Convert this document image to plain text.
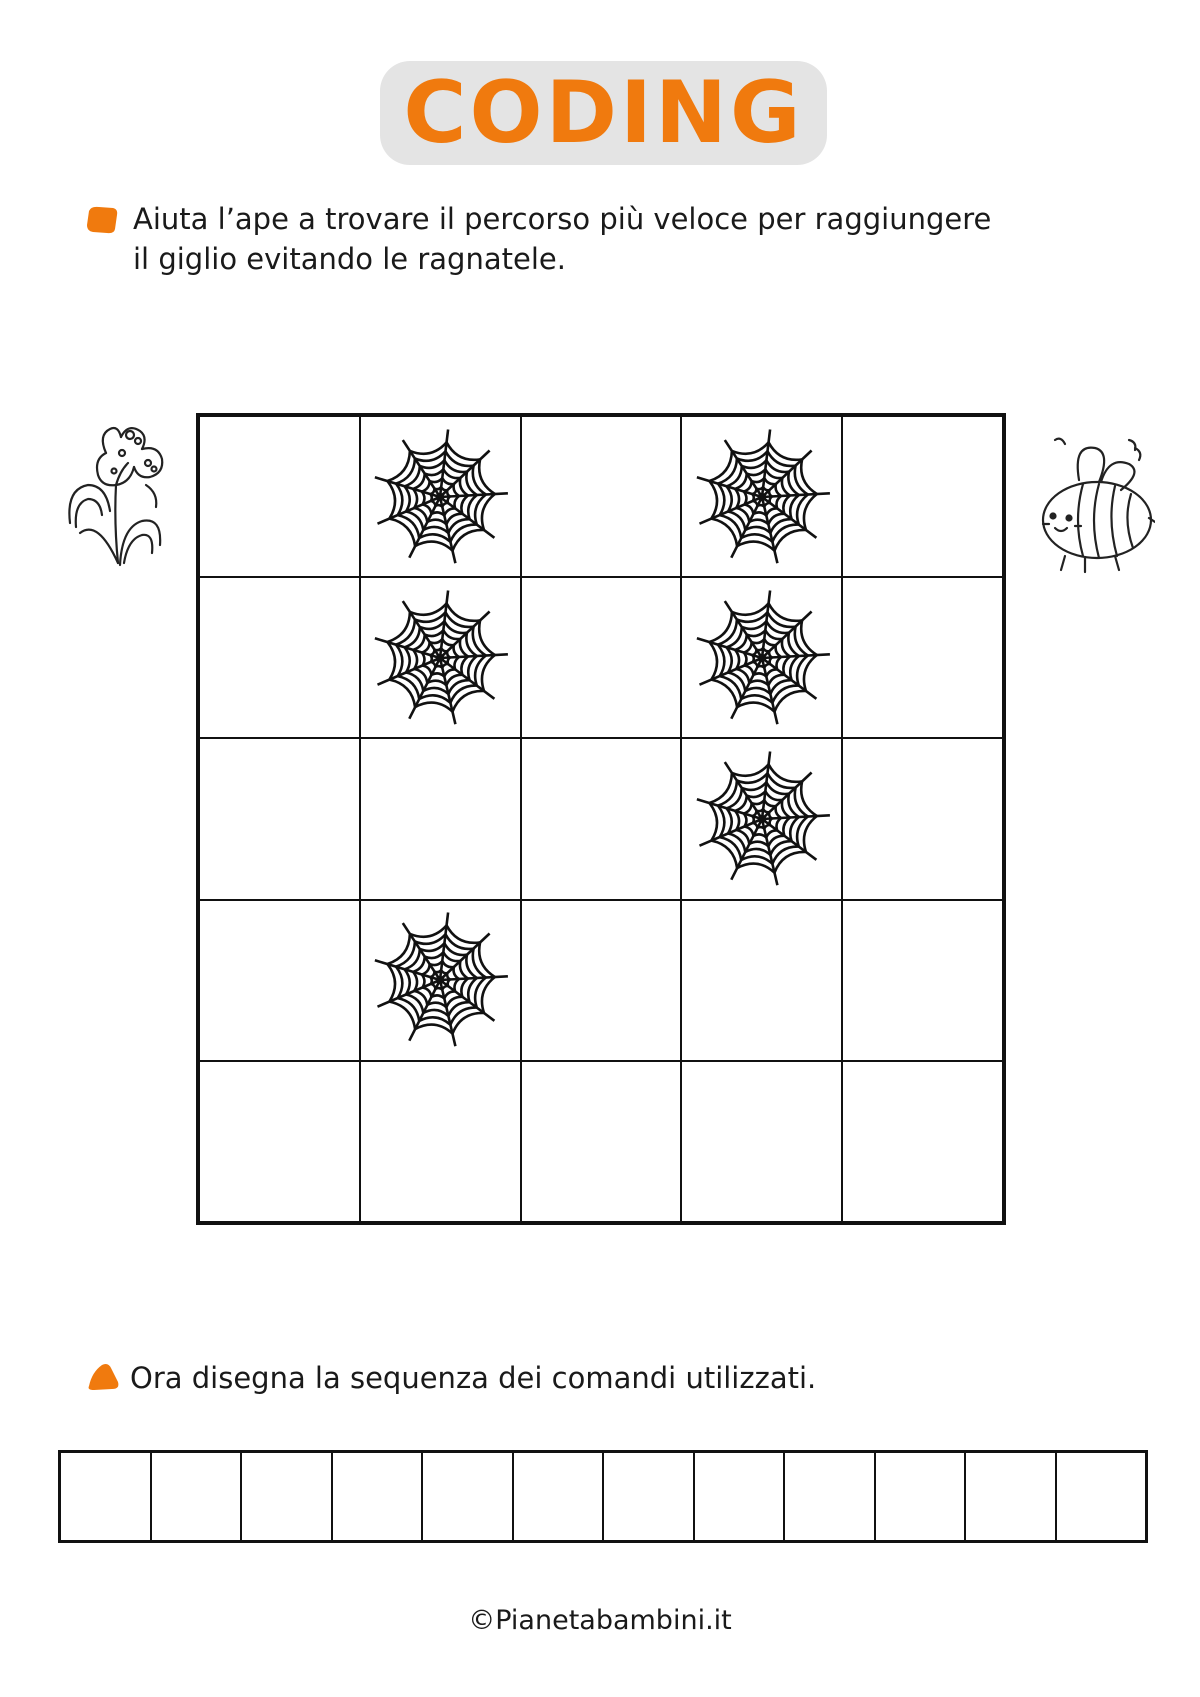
CODING

Aiuta l’ape a trovare il percorso più veloce per raggiungere
il giglio evitando le ragnatele.

Ora disegna la sequenza dei comandi utilizzati.

©Pianetabambini.it
